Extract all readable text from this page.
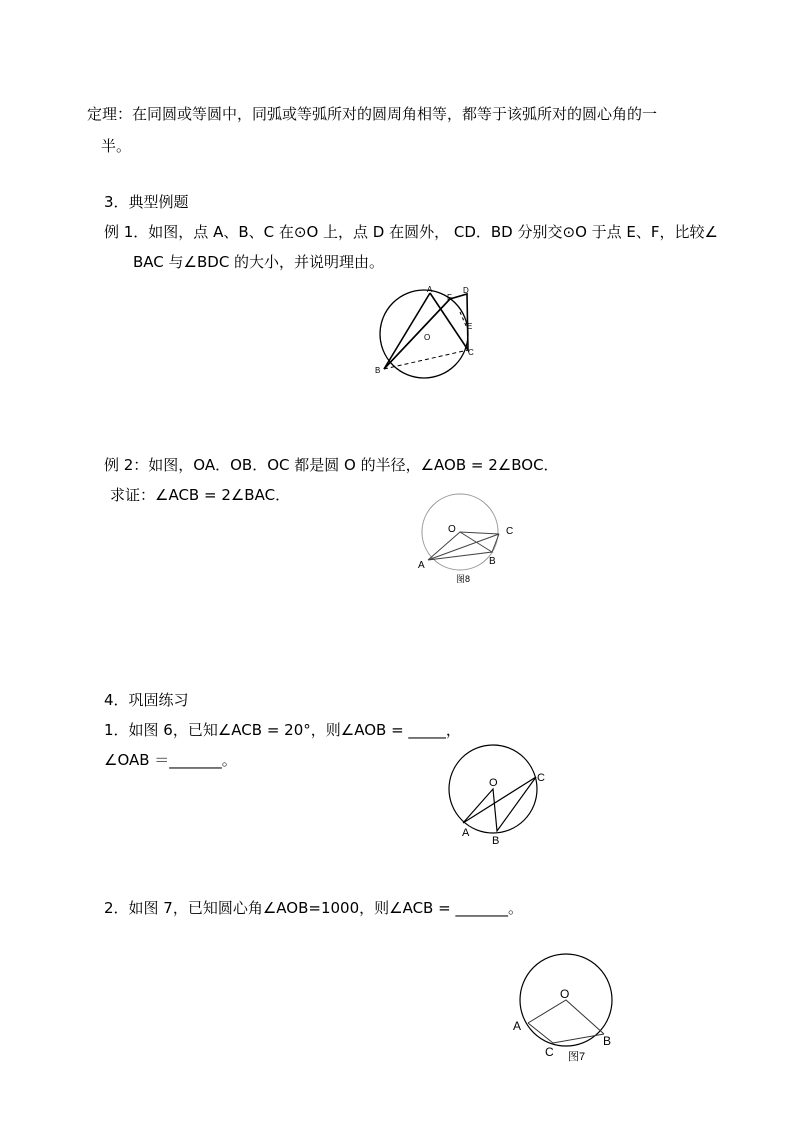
定理：在同圆或等圆中，同弧或等弧所对的圆周角相等，都等于该弧所对的圆心角的一
半。
3．典型例题
例 1．如图，点 A、B、C 在⊙O 上，点 D 在圆外， CD．BD 分别交⊙O 于点 E、F，比较∠
BAC 与∠BDC 的大小，并说明理由。
A
F
D
E
C
O
B
例 2：如图，OA．OB．OC 都是圆 O 的半径，∠AOB = 2∠BOC．
求证：∠ACB = 2∠BAC．
O	C
A	B
图8
4．巩固练习
1．如图 6，已知∠ACB = 20°，则∠AOB = _____，
∠OAB ＝_______。
O	C
A
B
2．如图 7，已知圆心角∠AOB=1000，则∠ACB = _______。
O
A
C
B
图7
